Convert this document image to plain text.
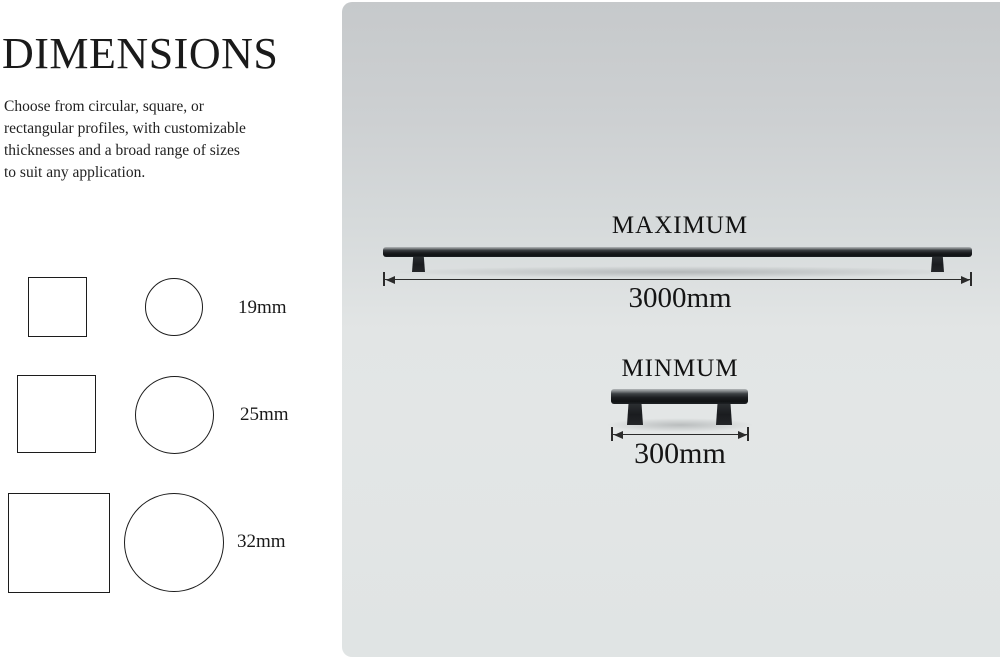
DIMENSIONS
Choose from circular, square, or
rectangular profiles, with customizable
thicknesses and a broad range of sizes
to suit any application.
19mm
25mm
32mm
MAXIMUM
3000mm
MINMUM
300mm
